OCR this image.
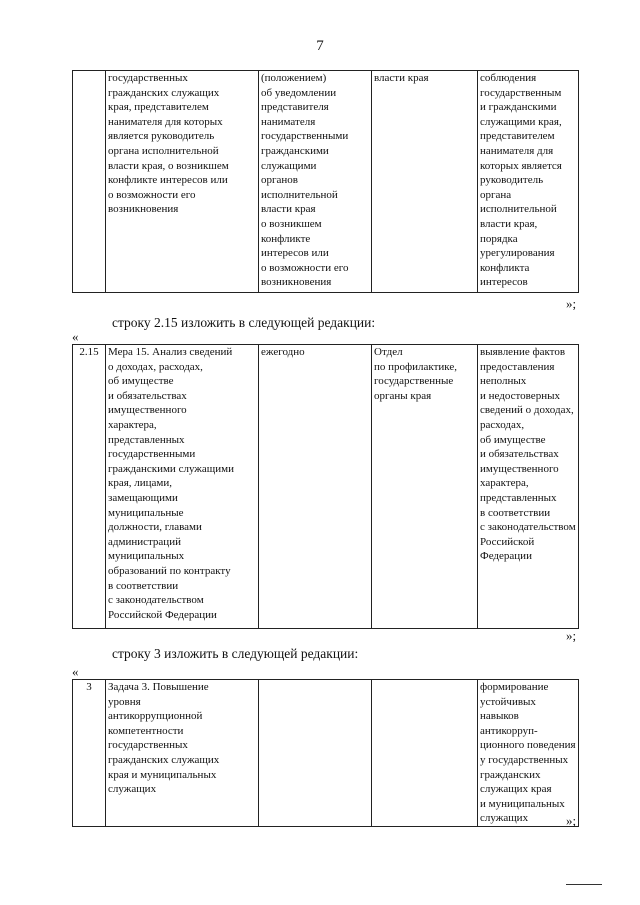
7
	государственных
гражданских служащих
края, представителем
нанимателя для которых
является руководитель
органа исполнительной
власти края, о возникшем
конфликте интересов или
о возможности его
возникновения	(положением)
об уведомлении
представителя
нанимателя
государственными
гражданскими
служащими
органов
исполнительной
власти края
о возникшем
конфликте
интересов или
о возможности его
возникновения	власти края	соблюдения
государственным
и гражданскими
служащими края,
представителем
нанимателя для
которых является
руководитель
органа
исполнительной
власти края,
порядка
урегулирования
конфликта
интересов
»;
строку 2.15 изложить в следующей редакции:
«
2.15	Мера 15. Анализ сведений
о доходах, расходах,
об имуществе
и обязательствах
имущественного
характера,
представленных
государственными
гражданскими служащими
края, лицами,
замещающими
муниципальные
должности, главами
администраций
муниципальных
образований по контракту
в соответствии
с законодательством
Российской Федерации	ежегодно	Отдел
по профилактике,
государственные
органы края	выявление фактов
предоставления
неполных
и недостоверных
сведений о доходах,
расходах,
об имуществе
и обязательствах
имущественного
характера,
представленных
в соответствии
с законодательством
Российской
Федерации
»;
строку 3 изложить в следующей редакции:
«
3	Задача 3. Повышение
уровня
антикоррупционной
компетентности
государственных
гражданских служащих
края и муниципальных
служащих			формирование
устойчивых
навыков антикорруп-
ционного поведения
у государственных
гражданских
служащих края
и муниципальных
служащих	»;
